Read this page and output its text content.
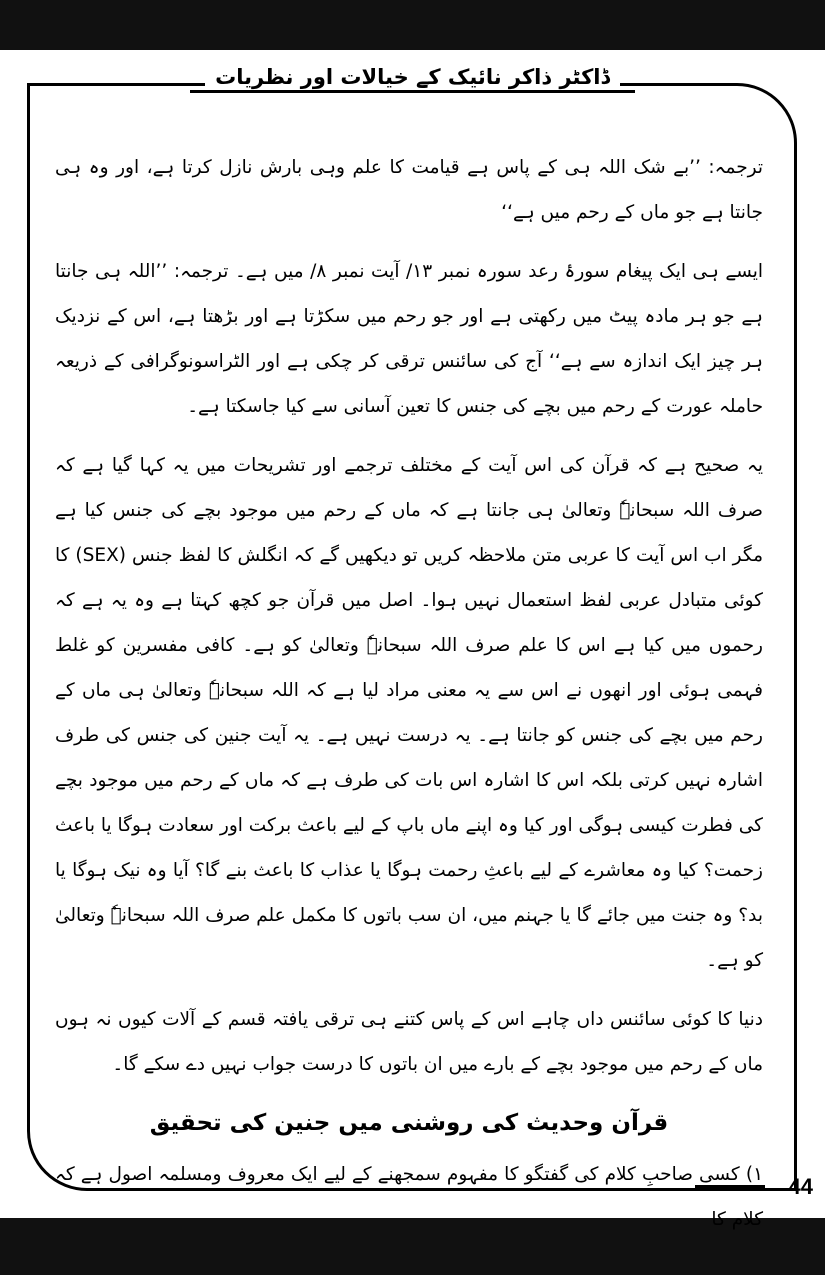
ڈاکٹر ذاکر نائیک کے خیالات اور نظریات

ترجمہ: ’’بے شک اللہ ہی کے پاس ہے قیامت کا علم وہی بارش نازل کرتا ہے، اور وہ ہی جانتا ہے جو ماں کے رحم میں ہے‘‘

ایسے ہی ایک پیغام سورۂ رعد سورہ نمبر ۱۳/ آیت نمبر ۸/ میں ہے۔ ترجمہ: ’’اللہ ہی جانتا ہے جو ہر مادہ پیٹ میں رکھتی ہے اور جو رحم میں سکڑتا ہے اور بڑھتا ہے، اس کے نزدیک ہر چیز ایک اندازہ سے ہے‘‘ آج کی سائنس ترقی کر چکی ہے اور الٹراسونوگرافی کے ذریعہ حاملہ عورت کے رحم میں بچے کی جنس کا تعین آسانی سے کیا جاسکتا ہے۔

یہ صحیح ہے کہ قرآن کی اس آیت کے مختلف ترجمے اور تشریحات میں یہ کہا گیا ہے کہ صرف اللہ سبحانہٗ وتعالیٰ ہی جانتا ہے کہ ماں کے رحم میں موجود بچے کی جنس کیا ہے مگر اب اس آیت کا عربی متن ملاحظہ کریں تو دیکھیں گے کہ انگلش کا لفظ جنس (SEX) کا کوئی متبادل عربی لفظ استعمال نہیں ہوا۔ اصل میں قرآن جو کچھ کہتا ہے وہ یہ ہے کہ رحموں میں کیا ہے اس کا علم صرف اللہ سبحانہٗ وتعالیٰ کو ہے۔ کافی مفسرین کو غلط فہمی ہوئی اور انھوں نے اس سے یہ معنی مراد لیا ہے کہ اللہ سبحانہٗ وتعالیٰ ہی ماں کے رحم میں بچے کی جنس کو جانتا ہے۔ یہ درست نہیں ہے۔ یہ آیت جنین کی جنس کی طرف اشارہ نہیں کرتی بلکہ اس کا اشارہ اس بات کی طرف ہے کہ ماں کے رحم میں موجود بچے کی فطرت کیسی ہوگی اور کیا وہ اپنے ماں باپ کے لیے باعث برکت اور سعادت ہوگا یا باعث زحمت؟ کیا وہ معاشرے کے لیے باعثِ رحمت ہوگا یا عذاب کا باعث بنے گا؟ آیا وہ نیک ہوگا یا بد؟ وہ جنت میں جائے گا یا جہنم میں، ان سب باتوں کا مکمل علم صرف اللہ سبحانہٗ وتعالیٰ کو ہے۔

دنیا کا کوئی سائنس داں چاہے اس کے پاس کتنے ہی ترقی یافتہ قسم کے آلات کیوں نہ ہوں ماں کے رحم میں موجود بچے کے بارے میں ان باتوں کا درست جواب نہیں دے سکے گا۔

قرآن وحدیث کی روشنی میں جنین کی تحقیق

۱) کسی صاحبِ کلام کی گفتگو کا مفہوم سمجھنے کے لیے ایک معروف ومسلمہ اصول ہے کہ کلام کا

44
